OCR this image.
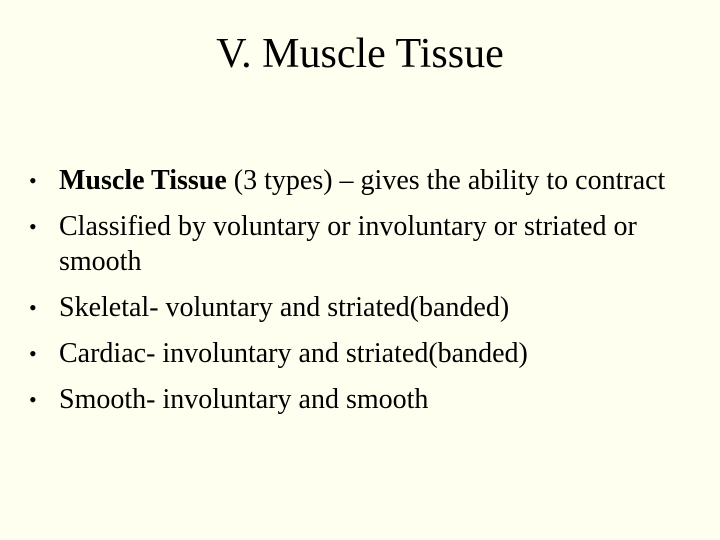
V. Muscle Tissue
• Muscle Tissue (3 types) – gives the ability to contract
• Classified by voluntary or involuntary or striated or smooth
• Skeletal- voluntary and striated(banded)
• Cardiac- involuntary and striated(banded)
• Smooth- involuntary and smooth
